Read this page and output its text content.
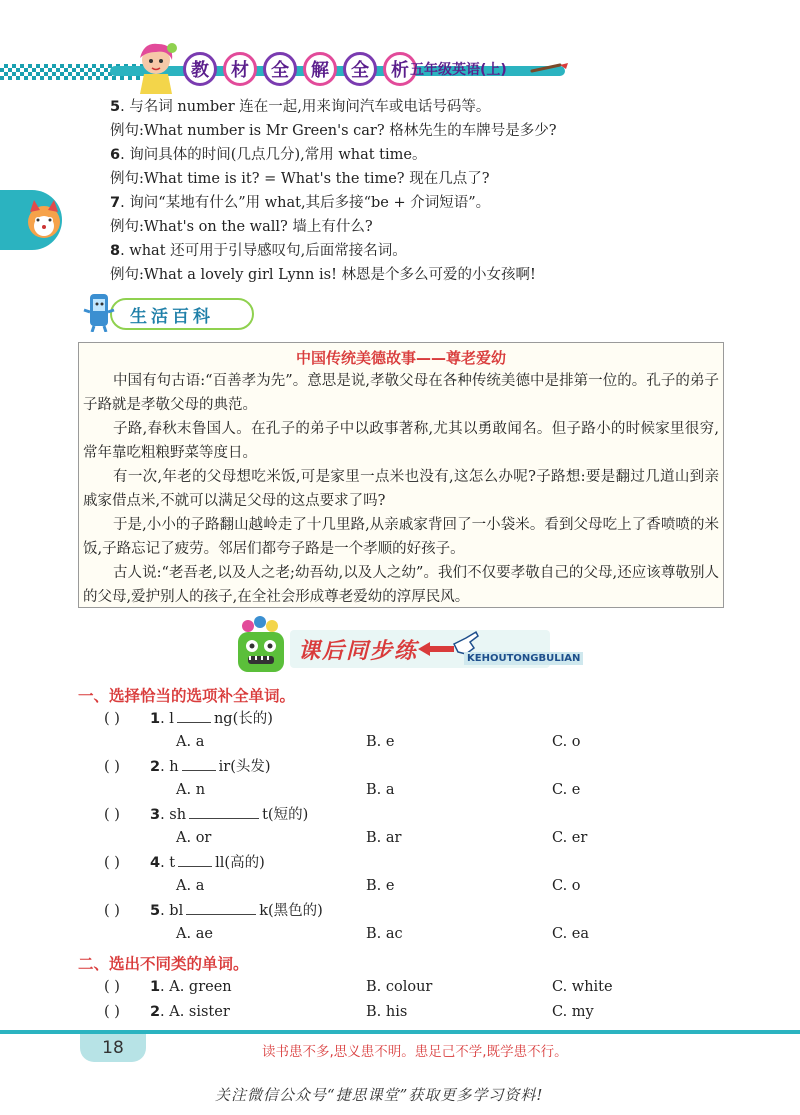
教	材	全	解	全	析 五年级英语(上)
5. 与名词 number 连在一起,用来询问汽车或电话号码等。
例句:What number is Mr Green's car? 格林先生的车牌号是多少?
6. 询问具体的时间(几点几分),常用 what time。
例句:What time is it? = What's the time? 现在几点了?
7. 询问“某地有什么”用 what,其后多接“be + 介词短语”。
例句:What's on the wall? 墙上有什么?
8. what 还可用于引导感叹句,后面常接名词。
例句:What a lovely girl Lynn is! 林恩是个多么可爱的小女孩啊!
生活百科
中国传统美德故事——尊老爱幼
中国有句古语:“百善孝为先”。意思是说,孝敬父母在各种传统美德中是排第一位的。孔子的弟子子路就是孝敬父母的典范。
子路,春秋末鲁国人。在孔子的弟子中以政事著称,尤其以勇敢闻名。但子路小的时候家里很穷,常年靠吃粗粮野菜等度日。
有一次,年老的父母想吃米饭,可是家里一点米也没有,这怎么办呢?子路想:要是翻过几道山到亲戚家借点米,不就可以满足父母的这点要求了吗?
于是,小小的子路翻山越岭走了十几里路,从亲戚家背回了一小袋米。看到父母吃上了香喷喷的米饭,子路忘记了疲劳。邻居们都夸子路是一个孝顺的好孩子。
古人说:“老吾老,以及人之老;幼吾幼,以及人之幼”。我们不仅要孝敬自己的父母,还应该尊敬别人的父母,爱护别人的孩子,在全社会形成尊老爱幼的淳厚民风。
课后同步练	KEHOUTONGBULIAN
一、选择恰当的选项补全单词。
( ) 1. l	ng(长的)
A. a	B. e	C. o
( ) 2. h	ir(头发)
A. n	B. a	C. e
( ) 3. sh	t(短的)
A. or	B. ar	C. er
( ) 4. t	ll(高的)
A. a	B. e	C. o
( ) 5. bl	k(黑色的)
A. ae	B. ac	C. ea
二、选出不同类的单词。
( ) 1 . A. green	B. colour	C. white
( ) 2 . A. sister	B. his	C. my
18	读书患不多,思义患不明。患足己不学,既学患不行。
关注微信公众号“捷思课堂”获取更多学习资料!
